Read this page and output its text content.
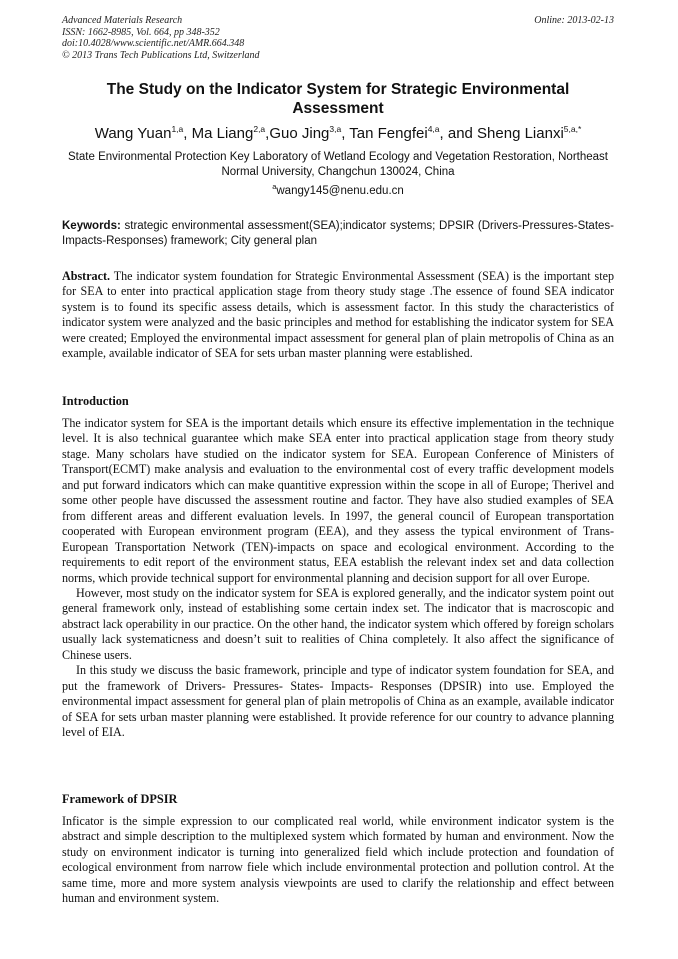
Advanced Materials Research
ISSN: 1662-8985, Vol. 664, pp 348-352
doi:10.4028/www.scientific.net/AMR.664.348
© 2013 Trans Tech Publications Ltd, Switzerland
Online: 2013-02-13
The Study on the Indicator System for Strategic Environmental Assessment
Wang Yuan$^{1,a}$, Ma Liang$^{2,a}$,Guo Jing$^{3,a}$, Tan Fengfei$^{4,a}$, and Sheng Lianxi$^{5,a,*}$
State Environmental Protection Key Laboratory of Wetland Ecology and Vegetation Restoration, Northeast Normal University, Changchun 130024, China
$^a$wangy145@nenu.edu.cn
Keywords: strategic environmental assessment(SEA);indicator systems; DPSIR (Drivers-Pressures-States-Impacts-Responses) framework; City general plan
Abstract. The indicator system foundation for Strategic Environmental Assessment (SEA) is the important step for SEA to enter into practical application stage from theory study stage .The essence of found SEA indicator system is to found its specific assess details, which is assessment factor. In this study the characteristics of indicator system were analyzed and the basic principles and method for establishing the indicator system for SEA were created; Employed the environmental impact assessment for general plan of plain metropolis of China as an example, available indicator of SEA for sets urban master planning were established.
Introduction

The indicator system for SEA is the important details which ensure its effective implementation in the technique level. It is also technical guarantee which make SEA enter into practical application stage from theory study stage. Many scholars have studied on the indicator system for SEA. European Conference of Ministers of Transport(ECMT) make analysis and evaluation to the environmental cost of every traffic development models and put forward indicators which can make quantitive expression within the scope in all of Europe; Therivel and some other people have discussed the assessment routine and factor. They have also studied examples of SEA from different areas and different evaluation levels. In 1997, the general council of European transportation cooperated with European environment program (EEA), and they assess the typical environment of Trans-European Transportation Network (TEN)-impacts on space and ecological environment. According to the requirements to edit report of the environment status, EEA establish the relevant index set and data collection norms, which provide technical support for environmental planning and decision support for all over Europe.

However, most study on the indicator system for SEA is explored generally, and the indicator system point out general framework only, instead of establishing some certain index set. The indicator that is macroscopic and abstract lack operability in our practice. On the other hand, the indicator system which offered by foreign scholars usually lack systematicness and doesn’t suit to realities of China completely. It also affect the significance of Chinese users.

In this study we discuss the basic framework, principle and type of indicator system foundation for SEA, and put the framework of Drivers- Pressures- States- Impacts- Responses (DPSIR) into use. Employed the environmental impact assessment for general plan of plain metropolis of China as an example, available indicator of SEA for sets urban master planning were established. It provide reference for our country to advance planning level of EIA.

Framework of DPSIR

Inficator is the simple expression to our complicated real world, while environment indicator system is the abstract and simple description to the multiplexed system which formated by human and environment. Now the study on environment indicator is turning into generalized field which include protection and foundation of ecological environment from narrow fiele which include environmental protection and pollution control. At the same time, more and more system analysis viewpoints are used to clarify the relationship and effect between human and environment system.
